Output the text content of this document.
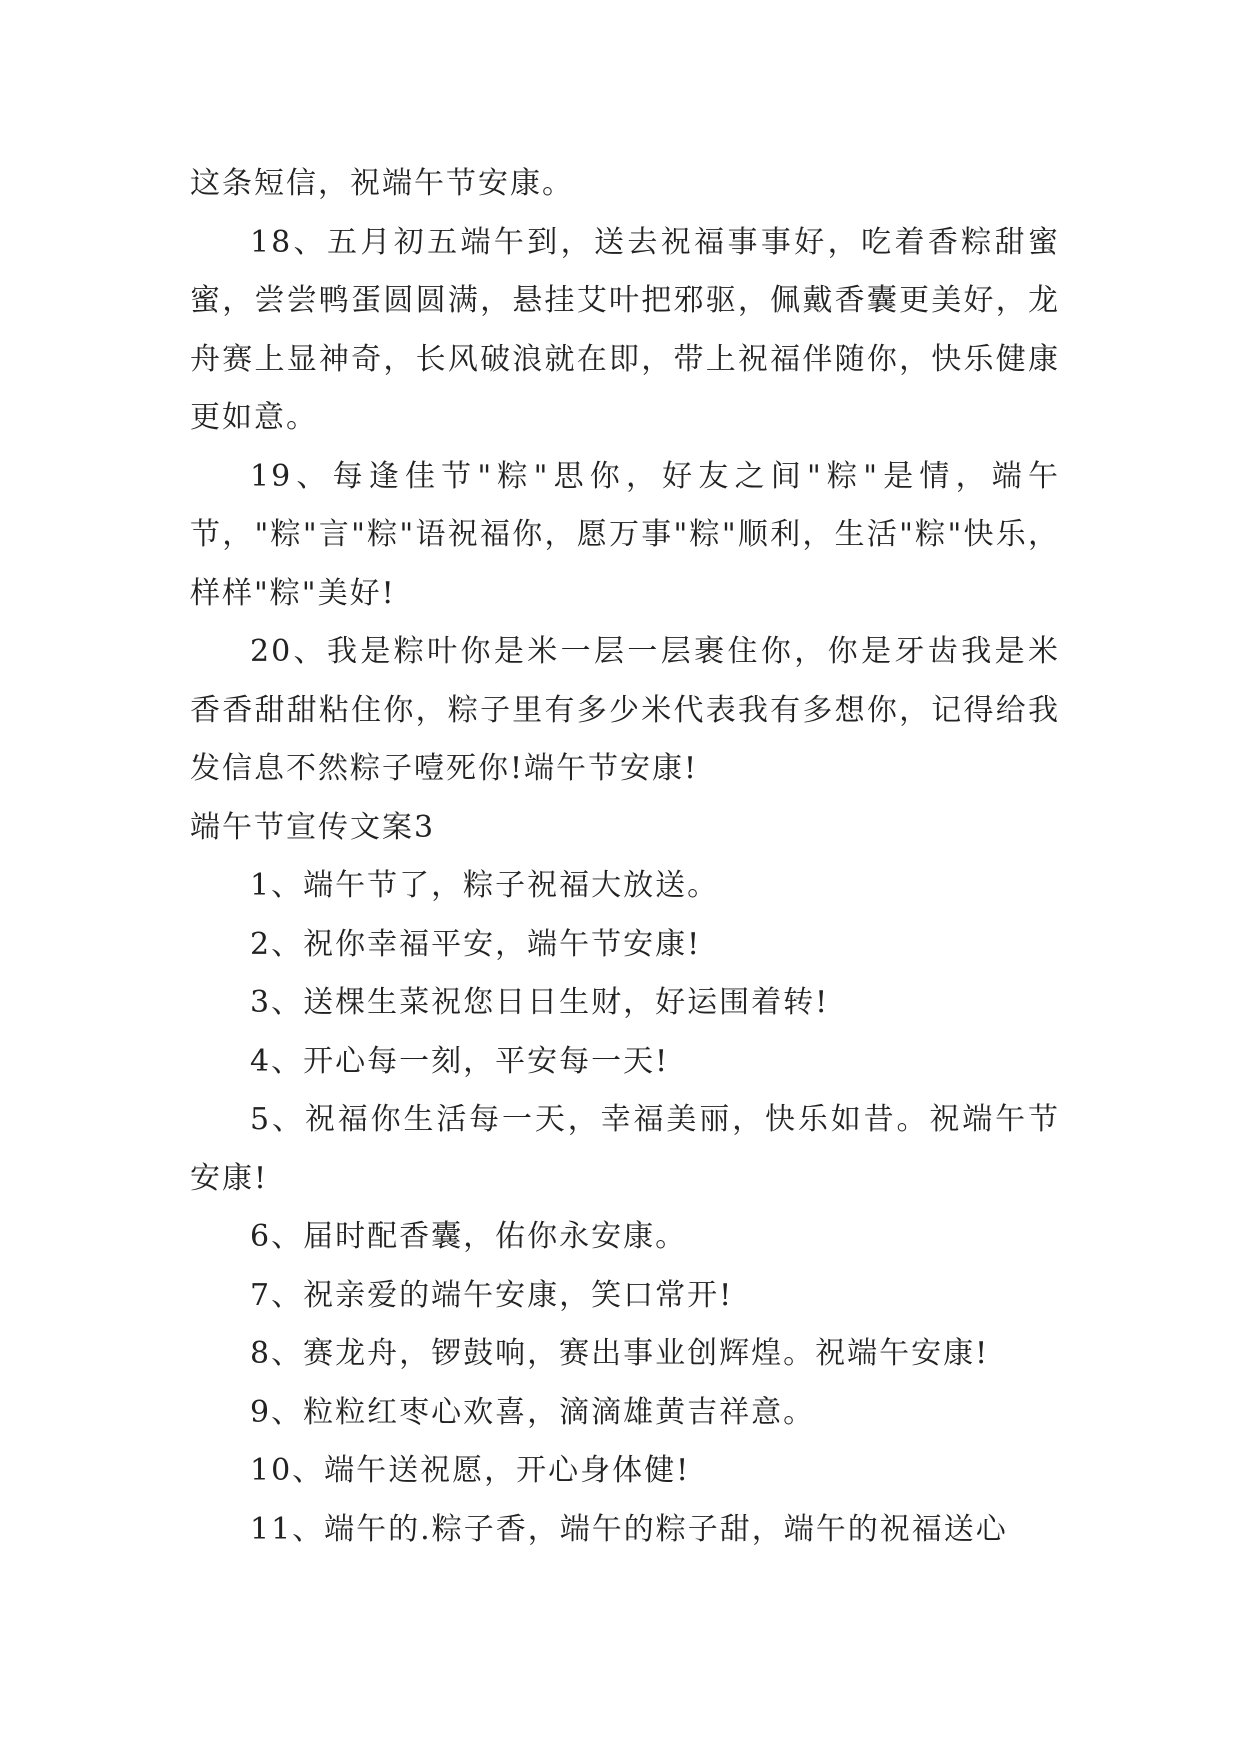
这条短信，祝端午节安康。

18、五月初五端午到，送去祝福事事好，吃着香粽甜蜜蜜，尝尝鸭蛋圆圆满，悬挂艾叶把邪驱，佩戴香囊更美好，龙舟赛上显神奇，长风破浪就在即，带上祝福伴随你，快乐健康更如意。

19、每逢佳节"粽"思你，好友之间"粽"是情，端午节，"粽"言"粽"语祝福你，愿万事"粽"顺利，生活"粽"快乐，样样"粽"美好!

20、我是粽叶你是米一层一层裹住你，你是牙齿我是米香香甜甜粘住你，粽子里有多少米代表我有多想你，记得给我发信息不然粽子噎死你!端午节安康!

端午节宣传文案3

1、端午节了，粽子祝福大放送。

2、祝你幸福平安，端午节安康!

3、送棵生菜祝您日日生财，好运围着转!

4、开心每一刻，平安每一天!

5、祝福你生活每一天，幸福美丽，快乐如昔。祝端午节安康!

6、届时配香囊，佑你永安康。

7、祝亲爱的端午安康，笑口常开!

8、赛龙舟，锣鼓响，赛出事业创辉煌。祝端午安康!

9、粒粒红枣心欢喜，滴滴雄黄吉祥意。

10、端午送祝愿，开心身体健!

11、端午的.粽子香，端午的粽子甜，端午的祝福送心
